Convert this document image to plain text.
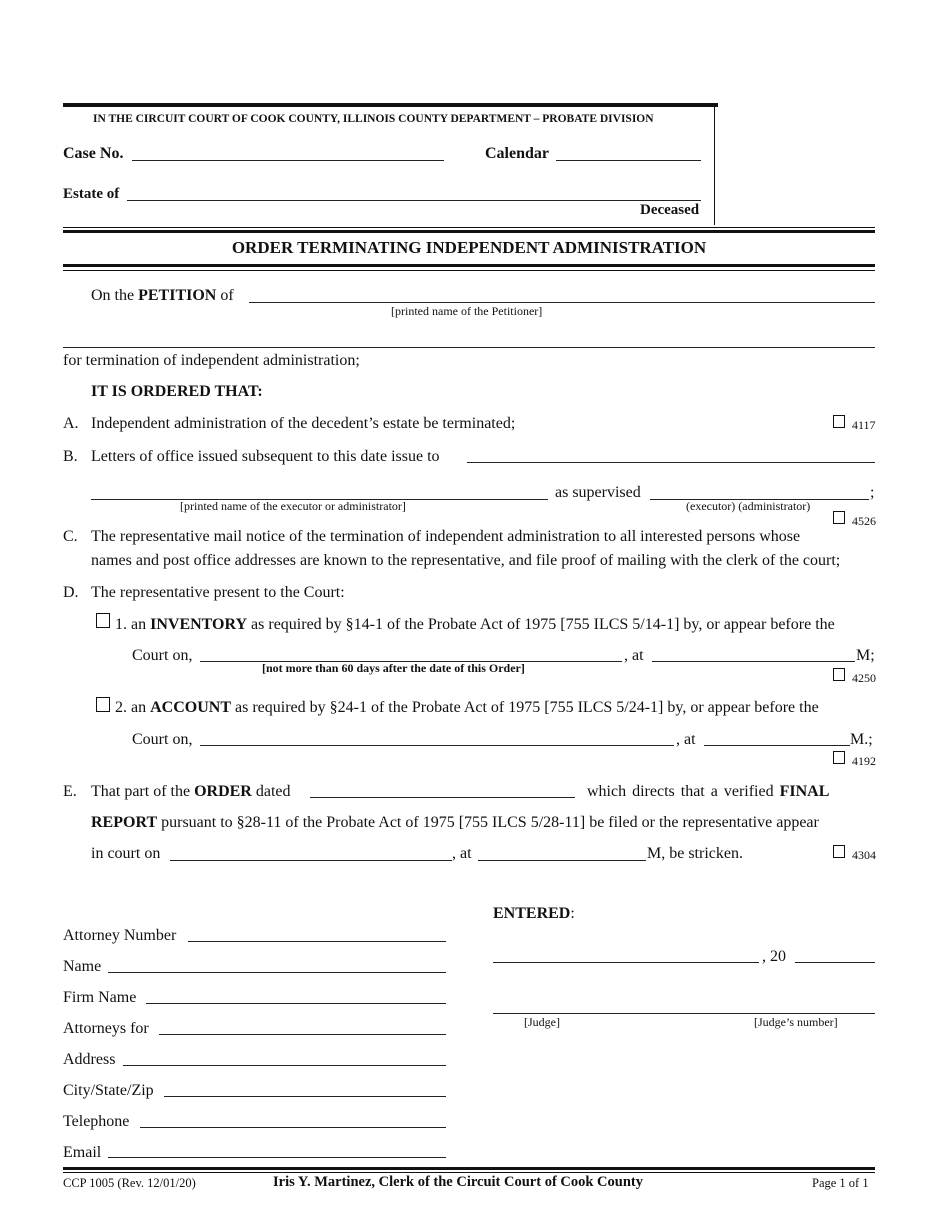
IN THE CIRCUIT COURT OF COOK COUNTY, ILLINOIS COUNTY DEPARTMENT – PROBATE DIVISION
Case No.	Calendar
Estate of
Deceased
ORDER TERMINATING INDEPENDENT ADMINISTRATION
On the PETITION of
[printed name of the Petitioner]
for termination of independent administration;
IT IS ORDERED THAT:
A. Independent administration of the decedent’s estate be terminated;	4117
B. Letters of office issued subsequent to this date issue to
[printed name of the executor or administrator]
as supervised
(executor) (administrator)
;
4526
C. The representative mail notice of the termination of independent administration to all interested persons whose
names and post office addresses are known to the representative, and file proof of mailing with the clerk of the court;
D. The representative present to the Court:
1. an INVENTORY as required by §14-1 of the Probate Act of 1975 [755 ILCS 5/14-1] by, or appear before the
Court on,
[not more than 60 days after the date of this Order]
, at	M;
4250
2. an ACCOUNT as required by §24-1 of the Probate Act of 1975 [755 ILCS 5/24-1] by, or appear before the
Court on,	, at	M.;
4192
E. That part of the ORDER dated	which directs that a verified FINAL
REPORT pursuant to §28-11 of the Probate Act of 1975 [755 ILCS 5/28-11] be filed or the representative appear
in court on	, at	M, be stricken.	4304
ENTERED:
, 20
[Judge]	[Judge’s number]
Attorney Number
Name
Firm Name
Attorneys for
Address
City/State/Zip
Telephone
Email
CCP 1005 (Rev. 12/01/20)	Iris Y. Martinez, Clerk of the Circuit Court of Cook County	Page 1 of 1
